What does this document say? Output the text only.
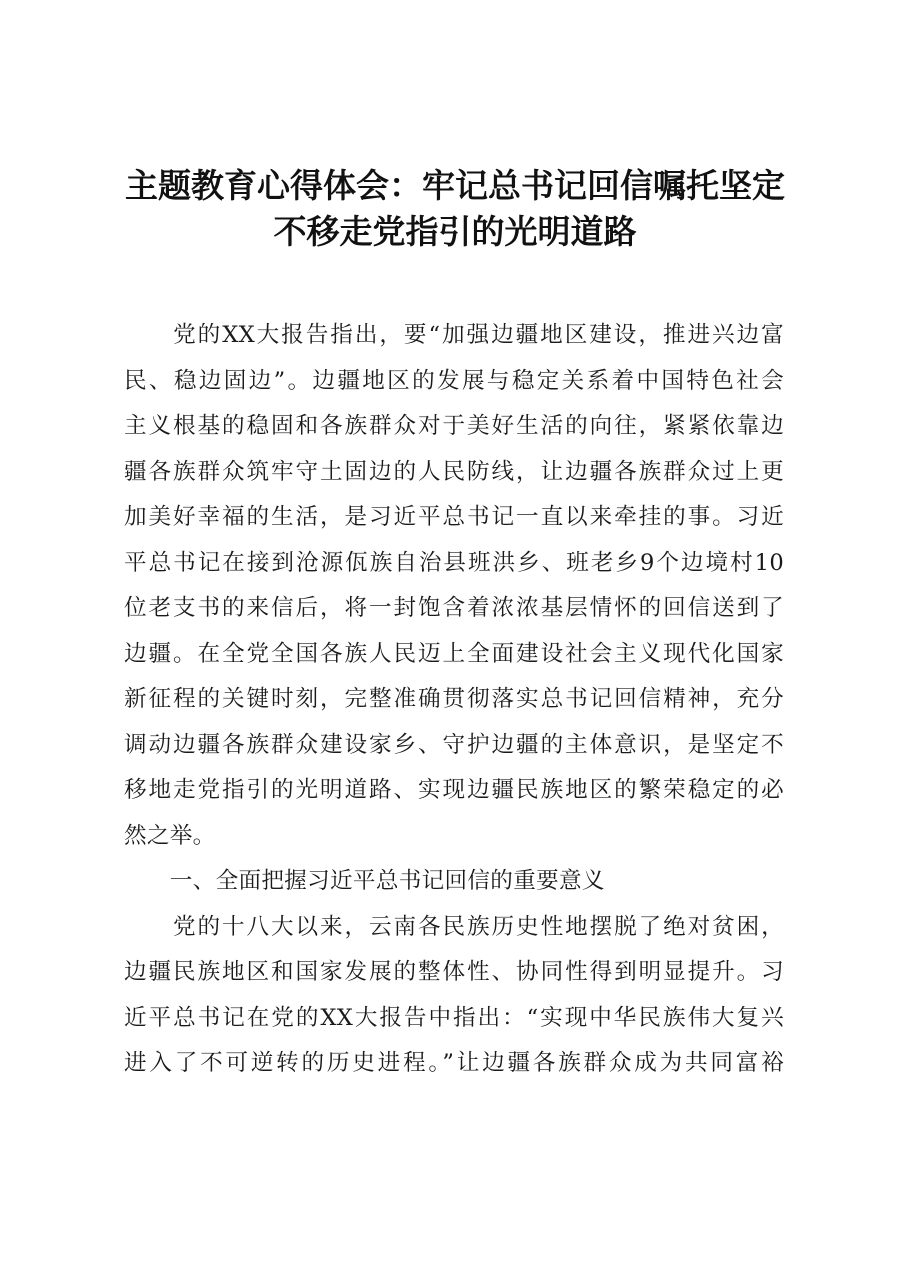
主题教育心得体会：牢记总书记回信嘱托坚定
不移走党指引的光明道路
　　党的XX大报告指出，要“加强边疆地区建设，推进兴边富
民、稳边固边”。边疆地区的发展与稳定关系着中国特色社会
主义根基的稳固和各族群众对于美好生活的向往，紧紧依靠边
疆各族群众筑牢守土固边的人民防线，让边疆各族群众过上更
加美好幸福的生活，是习近平总书记一直以来牵挂的事。习近
平总书记在接到沧源佤族自治县班洪乡、班老乡9个边境村10
位老支书的来信后，将一封饱含着浓浓基层情怀的回信送到了
边疆。在全党全国各族人民迈上全面建设社会主义现代化国家
新征程的关键时刻，完整准确贯彻落实总书记回信精神，充分
调动边疆各族群众建设家乡、守护边疆的主体意识，是坚定不
移地走党指引的光明道路、实现边疆民族地区的繁荣稳定的必
然之举。
　　一、全面把握习近平总书记回信的重要意义
　　党的十八大以来，云南各民族历史性地摆脱了绝对贫困，
边疆民族地区和国家发展的整体性、协同性得到明显提升。习
近平总书记在党的XX大报告中指出：“实现中华民族伟大复兴
进入了不可逆转的历史进程。”让边疆各族群众成为共同富裕
